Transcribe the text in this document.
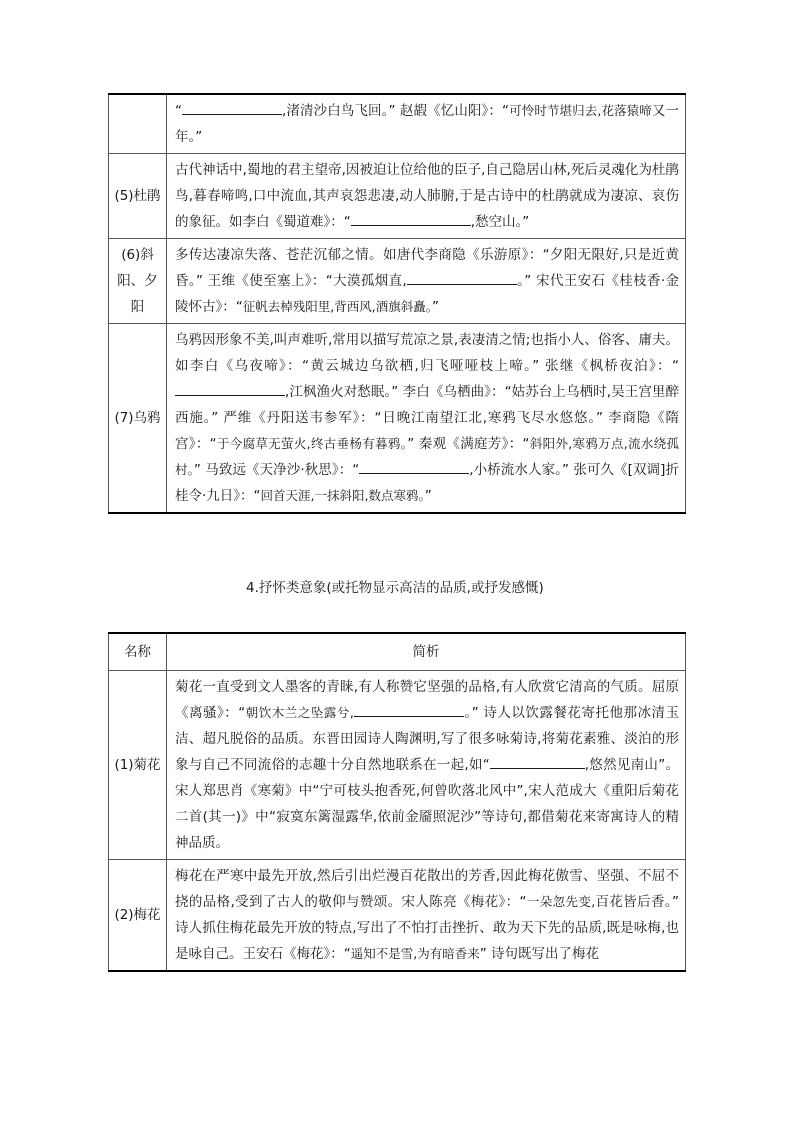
	“ ,渚清沙白鸟飞回。” 赵嘏《忆山阳》：“可怜时节堪归去,花落猿啼又一年。”
(5)杜鹃	古代神话中,蜀地的君主望帝,因被迫让位给他的臣子,自己隐居山林,死后灵魂化为杜鹃鸟,暮春啼鸣,口中流血,其声哀怨悲凄,动人肺腑,于是古诗中的杜鹃就成为凄凉、哀伤的象征。如李白《蜀道难》：“ ,愁空山。”
(6)斜阳、夕阳	多传达凄凉失落、苍茫沉郁之情。如唐代李商隐《乐游原》：“夕阳无限好,只是近黄昏。” 王维《使至塞上》：“大漠孤烟直, 。” 宋代王安石《桂枝香·金陵怀古》：“征帆去棹残阳里,背西风,酒旗斜矗。”
(7)乌鸦	乌鸦因形象不美,叫声难听,常用以描写荒凉之景,表凄清之情;也指小人、俗客、庸夫。如李白《乌夜啼》：“黄云城边乌欲栖,归飞哑哑枝上啼。” 张继《枫桥夜泊》：“,江枫渔火对愁眠。” 李白《乌栖曲》：“姑苏台上乌栖时,吴王宫里醉西施。” 严维《丹阳送韦参军》：“日晚江南望江北,寒鸦飞尽水悠悠。” 李商隐《隋宫》：“于今腐草无萤火,终古垂杨有暮鸦。” 秦观《满庭芳》：“斜阳外,寒鸦万点,流水绕孤村。” 马致远《天净沙·秋思》：“ ,小桥流水人家。” 张可久《[双调]折桂令·九日》：“回首天涯,一抹斜阳,数点寒鸦。”
4.抒怀类意象(或托物显示高洁的品质,或抒发感慨)
名称	简析
(1)菊花	菊花一直受到文人墨客的青睐,有人称赞它坚强的品格,有人欣赏它清高的气质。屈原《离骚》：“朝饮木兰之坠露兮, 。” 诗人以饮露餐花寄托他那冰清玉洁、超凡脱俗的品质。东晋田园诗人陶渊明,写了很多咏菊诗,将菊花素雅、淡泊的形象与自己不同流俗的志趣十分自然地联系在一起,如“ ,悠然见南山”。宋人郑思肖《寒菊》中“宁可枝头抱香死,何曾吹落北风中”,宋人范成大《重阳后菊花二首(其一)》中“寂寞东篱湿露华,依前金靥照泥沙”等诗句,都借菊花来寄寓诗人的精神品质。
(2)梅花	梅花在严寒中最先开放,然后引出烂漫百花散出的芳香,因此梅花傲雪、坚强、不屈不挠的品格,受到了古人的敬仰与赞颂。宋人陈亮《梅花》：“一朵忽先变,百花皆后香。” 诗人抓住梅花最先开放的特点,写出了不怕打击挫折、敢为天下先的品质,既是咏梅,也是咏自己。王安石《梅花》：“遥知不是雪,为有暗香来” 诗句既写出了梅花
